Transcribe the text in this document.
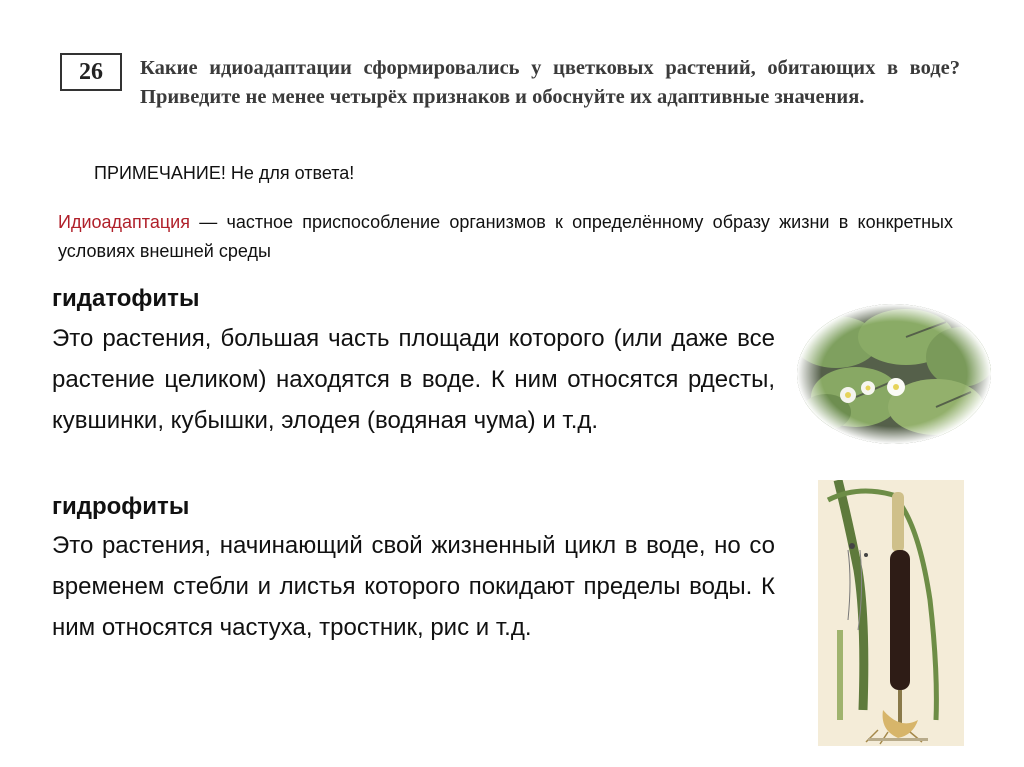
26 Какие идиоадаптации сформировались у цветковых растений, обитающих в воде? Приведите не менее четырёх признаков и обоснуйте их адаптивные значения.
ПРИМЕЧАНИЕ! Не для ответа!
Идиоадаптация — частное приспособление организмов к определённому образу жизни в конкретных условиях внешней среды
гидатофиты
Это растения, большая часть площади которого (или даже все растение целиком) находятся в воде. К ним относятся рдесты, кувшинки, кубышки, элодея (водяная чума) и т.д.
гидрофиты
Это растения, начинающий свой жизненный цикл в воде, но со временем стебли и листья которого покидают пределы воды. К ним относятся частуха, тростник, рис и т.д.
